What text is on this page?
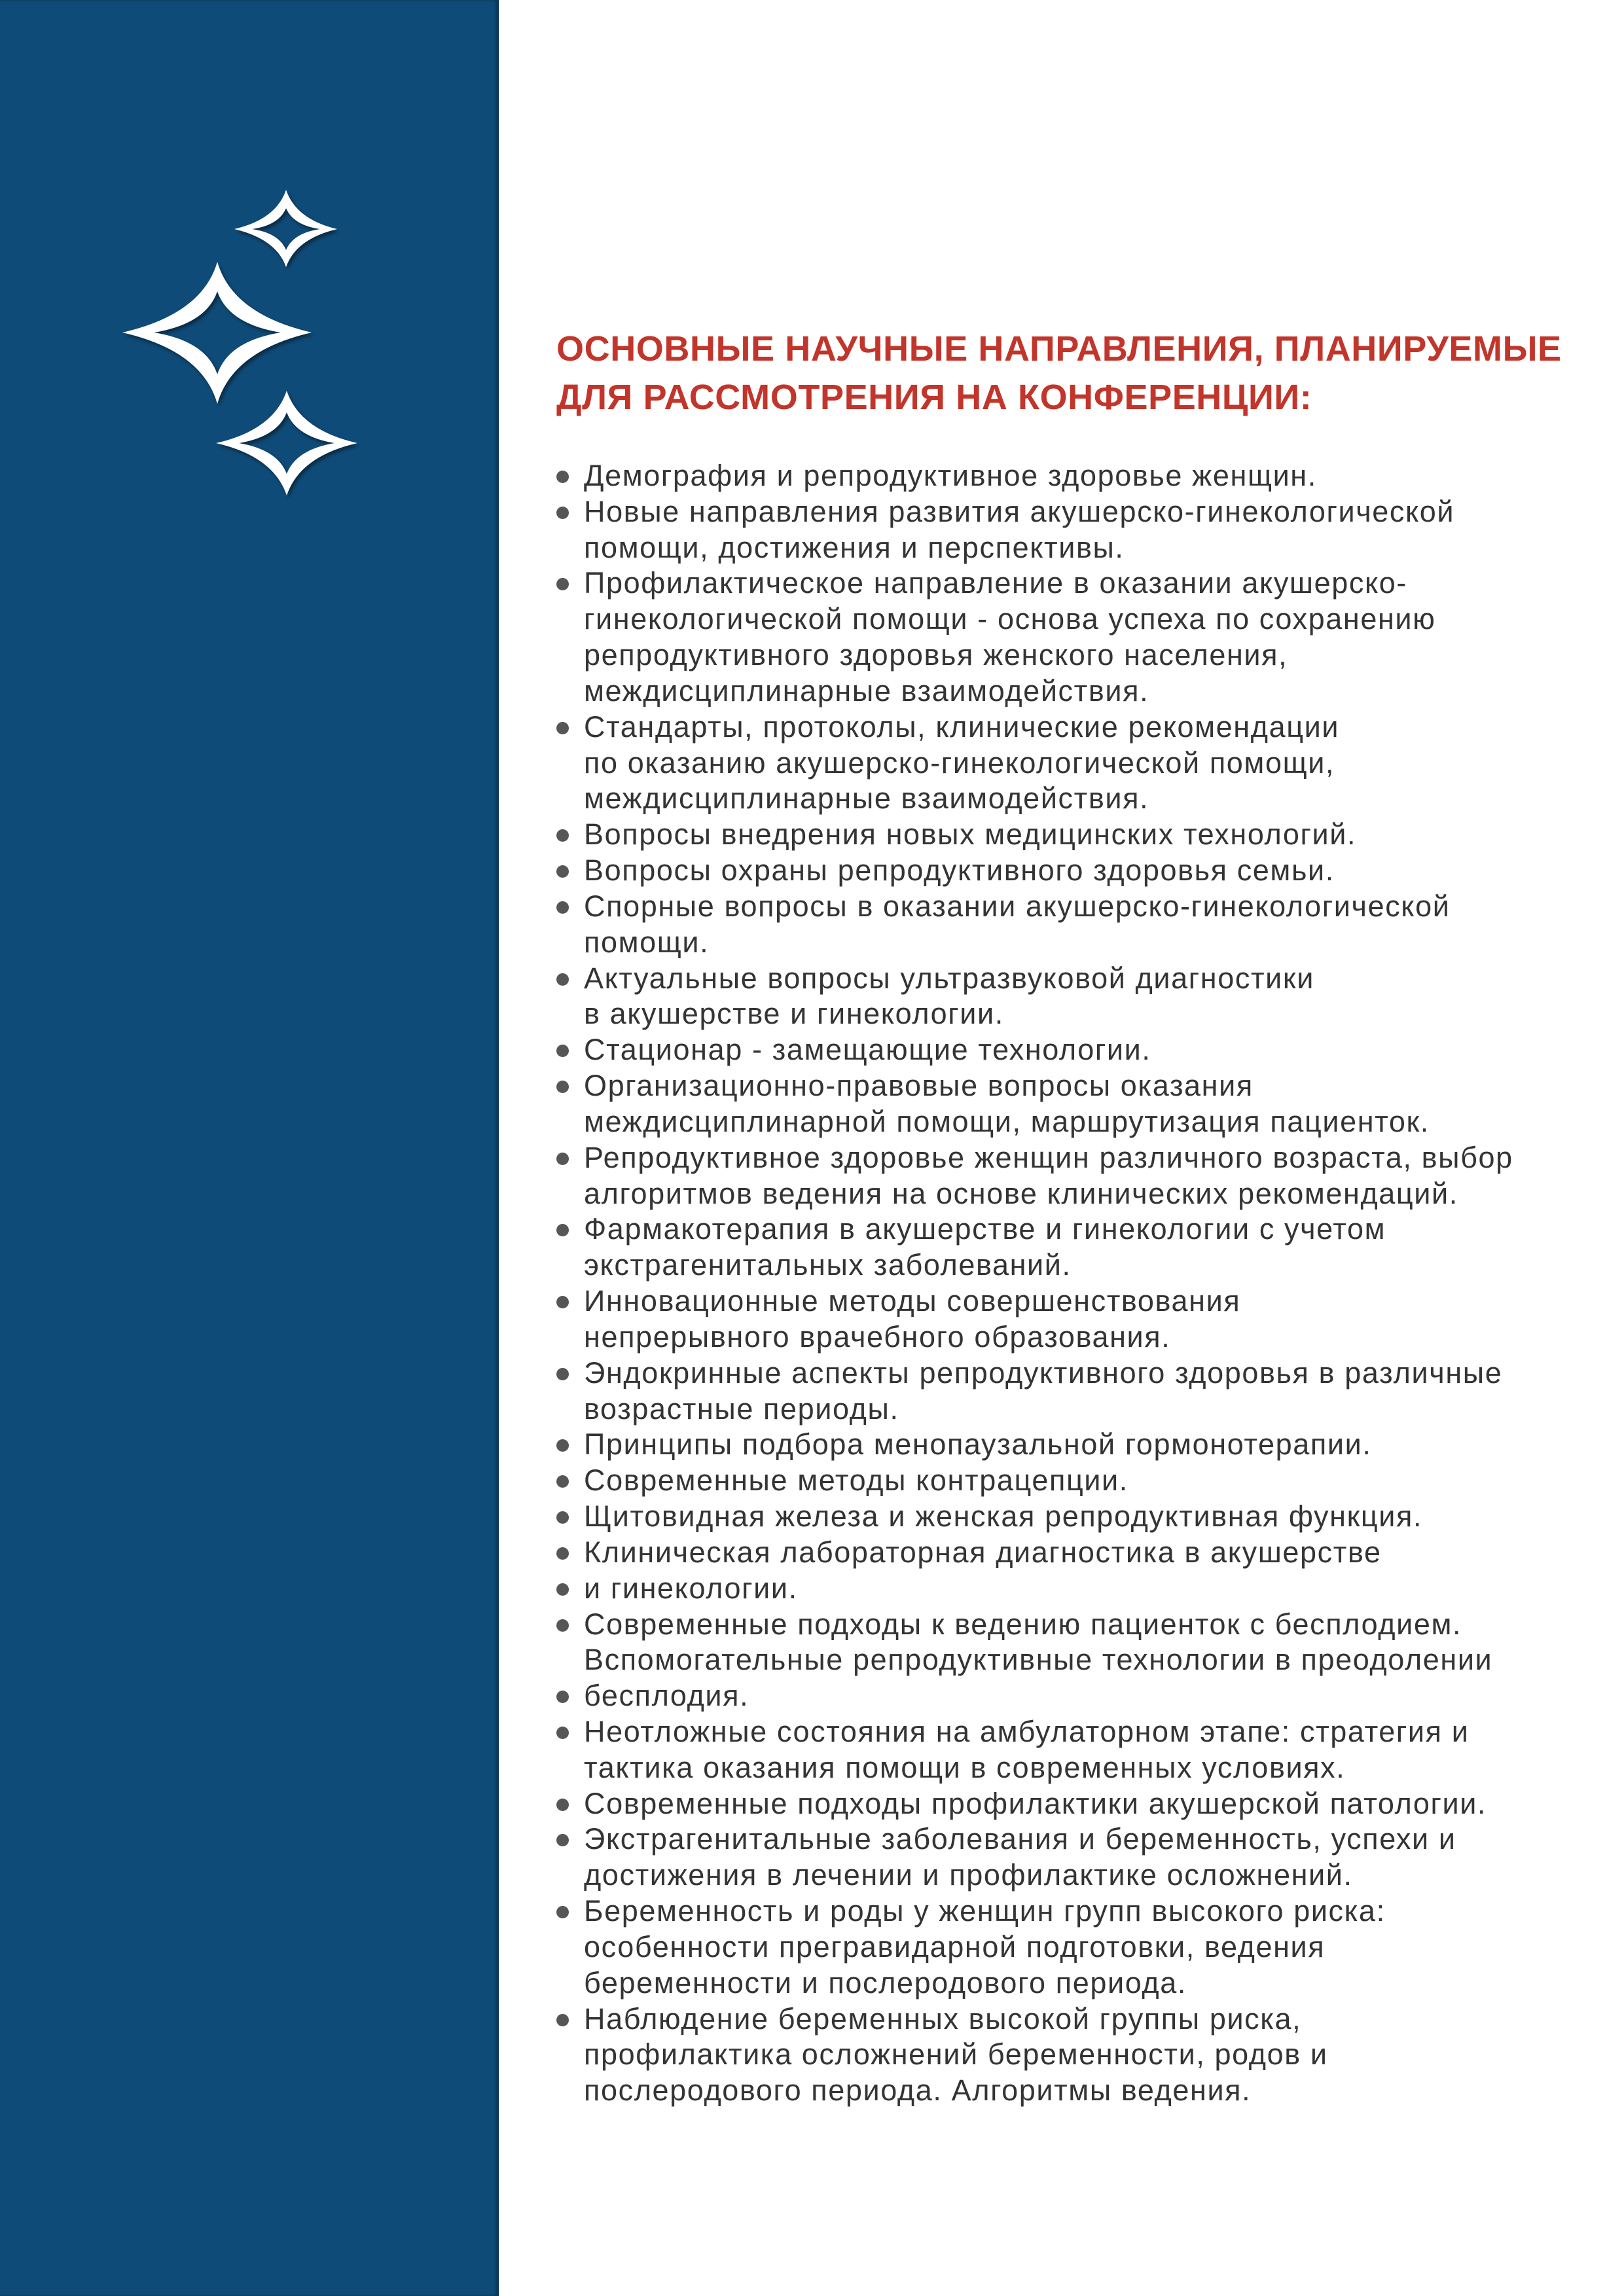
ОСНОВНЫЕ НАУЧНЫЕ НАПРАВЛЕНИЯ, ПЛАНИРУЕМЫЕ
ДЛЯ РАССМОТРЕНИЯ НА КОНФЕРЕНЦИИ:
Демография и репродуктивное здоровье женщин.
Новые направления развития акушерско-гинекологической
помощи, достижения и перспективы.
Профилактическое направление в оказании акушерско-
гинекологической помощи - основа успеха по сохранению
репродуктивного здоровья женского населения,
междисциплинарные взаимодействия.
Стандарты, протоколы, клинические рекомендации
по оказанию акушерско-гинекологической помощи,
междисциплинарные взаимодействия.
Вопросы внедрения новых медицинских технологий.
Вопросы охраны репродуктивного здоровья семьи.
Спорные вопросы в оказании акушерско-гинекологической
помощи.
Актуальные вопросы ультразвуковой диагностики
в акушерстве и гинекологии.
Стационар - замещающие технологии.
Организационно-правовые вопросы оказания
междисциплинарной помощи, маршрутизация пациенток.
Репродуктивное здоровье женщин различного возраста, выбор
алгоритмов ведения на основе клинических рекомендаций.
Фармакотерапия в акушерстве и гинекологии с учетом
экстрагенитальных заболеваний.
Инновационные методы совершенствования
непрерывного врачебного образования.
Эндокринные аспекты репродуктивного здоровья в различные
возрастные периоды.
Принципы подбора менопаузальной гормонотерапии.
Современные методы контрацепции.
Щитовидная железа и женская репродуктивная функция.
Клиническая лабораторная диагностика в акушерстве
и гинекологии.
Современные подходы к ведению пациенток с бесплодием.
Вспомогательные репродуктивные технологии в преодолении
бесплодия.
Неотложные состояния на амбулаторном этапе: стратегия и
тактика оказания помощи в современных условиях.
Современные подходы профилактики акушерской патологии.
Экстрагенитальные заболевания и беременность, успехи и
достижения в лечении и профилактике осложнений.
Беременность и роды у женщин групп высокого риска:
особенности прегравидарной подготовки, ведения
беременности и послеродового периода.
Наблюдение беременных высокой группы риска,
профилактика осложнений беременности, родов и
послеродового периода. Алгоритмы ведения.
